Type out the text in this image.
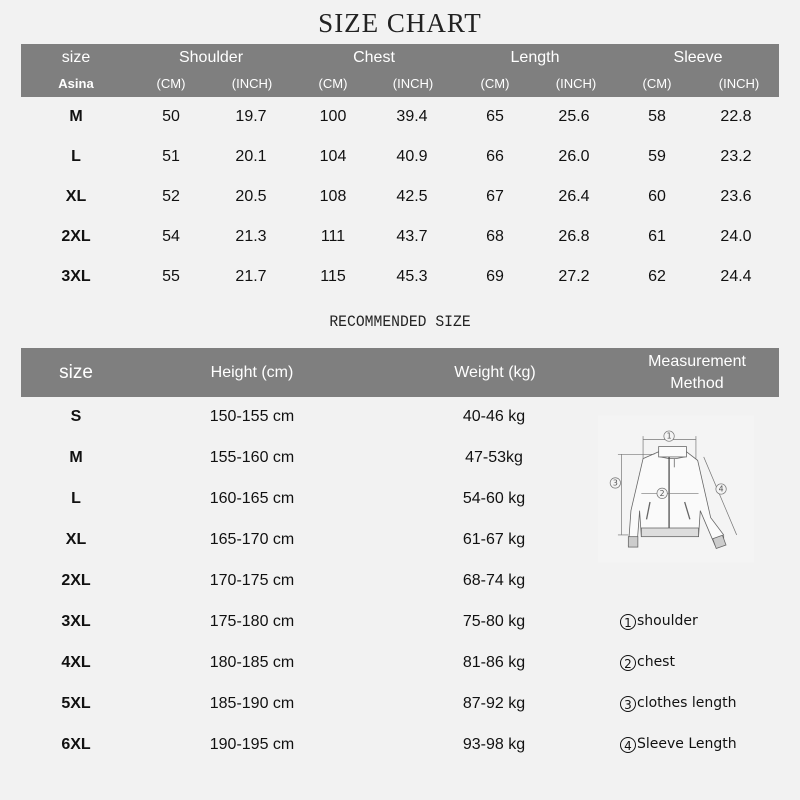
SIZE CHART
size	Shoulder	Chest	Length	Sleeve
Asina	(CM)	(INCH)	(CM)	(INCH)	(CM)	(INCH)	(CM)	(INCH)
M	50	19.7	100	39.4	65	25.6	58	22.8
L	51	20.1	104	40.9	66	26.0	59	23.2
XL	52	20.5	108	42.5	67	26.4	60	23.6
2XL	54	21.3	111	43.7	68	26.8	61	24.0
3XL	55	21.7	115	45.3	69	27.2	62	24.4
RECOMMENDED SIZE
size	Height (cm)	Weight (kg)
Measurement
Method
S	150-155 cm	40-46 kg
M	155-160 cm	47-53kg
L	160-165 cm	54-60 kg
XL	165-170 cm	61-67 kg
2XL	170-175 cm	68-74 kg
3XL	175-180 cm	75-80 kg
4XL	180-185 cm	81-86 kg
5XL	185-190 cm	87-92 kg
6XL	190-195 cm	93-98 kg
1
2
3
4
1 shoulder
2 chest
3 clothes length
4 Sleeve Length
